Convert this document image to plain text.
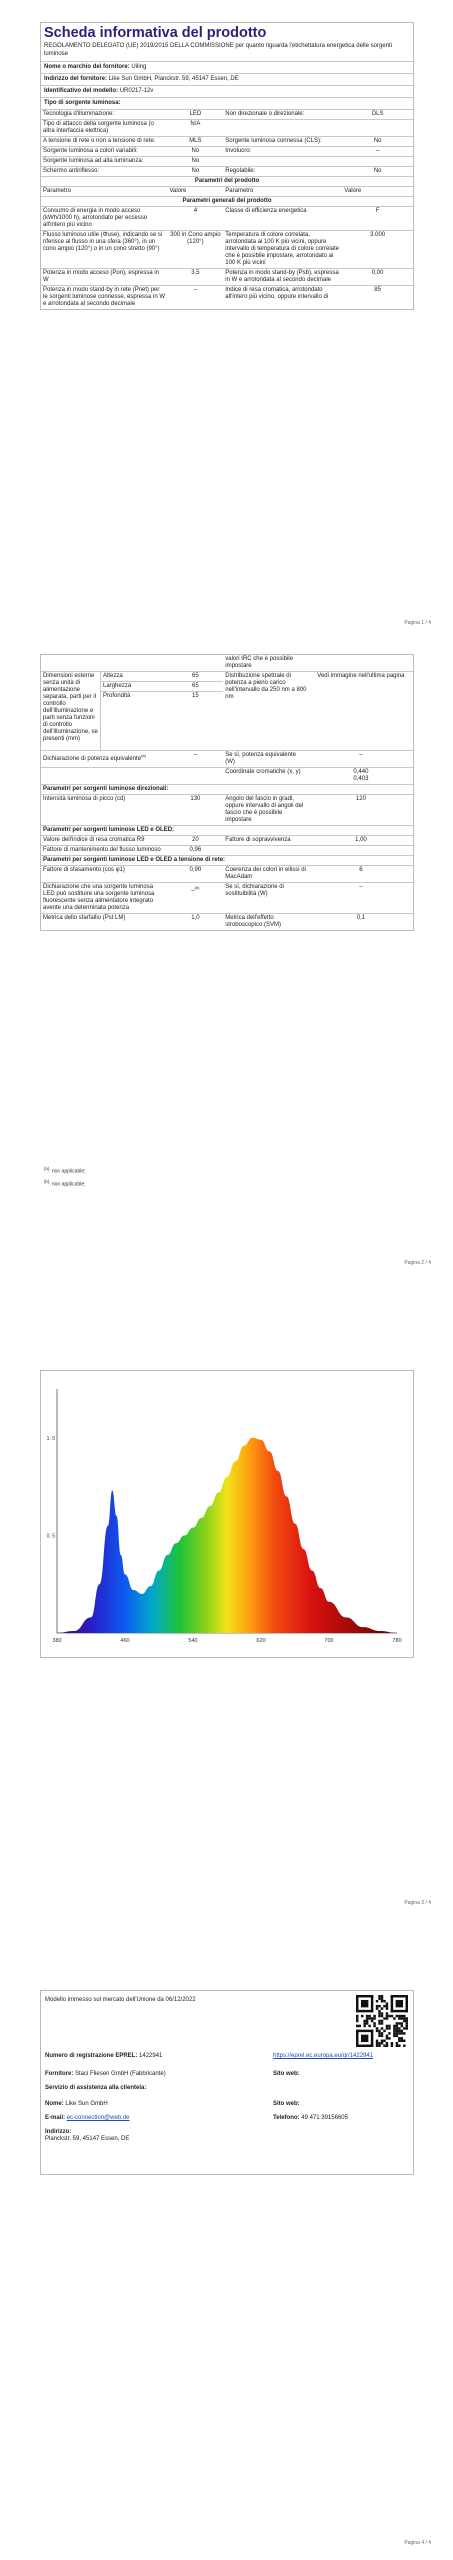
Scheda informativa del prodotto
REGOLAMENTO DELEGATO (UE) 2019/2015 DELLA COMMISSIONE per quanto riguarda l'etichettatura energetica delle sorgenti luminose
Nome o marchio del fornitore: Uiling
Indirizzo del fornitore: Like Sun GmbH, Planckstr. 59, 45147 Essen, DE
Identificativo del modello: UR0217-12v
Tipo di sorgente luminosa:
Tecnologia d'illuminazione:	LED	Non direzionale o direzionale:	DLS
Tipo di attacco della sorgente luminosa (o altra interfaccia elettrica)	N/A		
A tensione di rete o non a tensione di rete:	MLS	Sorgente luminosa connessa (CLS):	No
Sorgente luminosa a colori variabili:	No	Involucro:	–
Sorgente luminosa ad alta luminanza:	No		
Schermo antiriflesso:	No	Regolabile:	No
Parametri del prodotto			
Parametro	Valore	Parametro	Valore
Parametri generali del prodotto			
Consumo di energia in modo acceso (kWh/1000 h), arrotondato per eccesso all'intero più vicino	4	Classe di efficienza energetica	F
Flusso luminoso utile (Φuse), indicando se si riferisce al flusso in una sfera (360°), in un cono ampio (120°) o in un cono stretto (90°)	300 in Cono ampio (120°)	Temperatura di colore correlata, arrotondata ai 100 K più vicini, oppure intervallo di temperatura di colore correlate che è possibile impostare, arrotondato ai 100 K più vicini	3.000
Potenza in modo acceso (Pon), espressa in W	3,5	Potenza in modo stand-by (Psb), espressa in W e arrotondata al secondo decimale	0,00
Potenza in modo stand-by in rete (Pnet) per le sorgenti luminose connesse, espressa in W e arrotondata al secondo decimale	–	Indice di resa cromatica, arrotondato all'intero più vicino, oppure intervallo di	85
Pagina 1 / 4
			valori IRC che è possibile impostare	
Dimensioni esterne senza unità di alimentazione separata, parti per il controllo dell'illuminazione e parti senza funzioni di controllo dell'illuminazione, se presenti (mm)	Altezza	65	Distribuzione spettrale di potenza a pieno carico nell'intervallo da 250 nm a 800 nm	Vedi immagine nell'ultima pagina
	Larghezza	65		
	Profondità	15		
Dichiarazione di potenza equivalente$^{(a)}$		–	Se sì, potenza equivalente (W)	–
			Coordinate cromatiche (x, y)	0,440
0,403
Parametri per sorgenti luminose direzionali:			
Intensità luminosa di picco (cd)	130	Angolo del fascio in gradi, oppure intervallo di angoli del fascio che è possibile impostare	120
Parametri per sorgenti luminose LED e OLED:			
Valore dell'indice di resa cromatica R9	20	Fattore di sopravvivenza	1,00
Fattore di mantenimento del flusso luminoso	0,96		
Parametri per sorgenti luminose LED e OLED a tensione di rete:			
Fattore di sfasamento (cos φ1)	0,90	Coerenza dei colori in ellissi di MacAdam	6
Dichiarazione che una sorgente luminosa LED può sostituire una sorgente luminosa fluorescente senza alimentatore integrato avente una determinata potenza	–$^{(b)}$	Se sì, dichiarazione di sostituibilità (W)	–
Metrica dello sfarfallio (Pst LM)	1,0	Metrica dell'effetto stroboscopico (SVM)	0,1
$^{(a)}$: non applicable;
$^{(b)}$: non applicable;
Pagina 2 / 4
Pagina 3 / 4
380	460	540	620	700	780
0. 5
1. 0
Pagina 4 / 4
Modello immesso sul mercato dell'Unione da 06/12/2022
Numero di registrazione EPREL: 1422941	https://eprel.ec.europa.eu/qr/1422941
Fornitore: Staci Fliesen GmbH (Fabbricante)	Sito web:
Servizio di assistenza alla clientela:
Nome: Like Sun GmbH	Sito web:
E-mail: ec-connection@web.de	Telefono: 49 471 39156605
Indirizzo:
Planckstr. 59, 45147 Essen, DE
